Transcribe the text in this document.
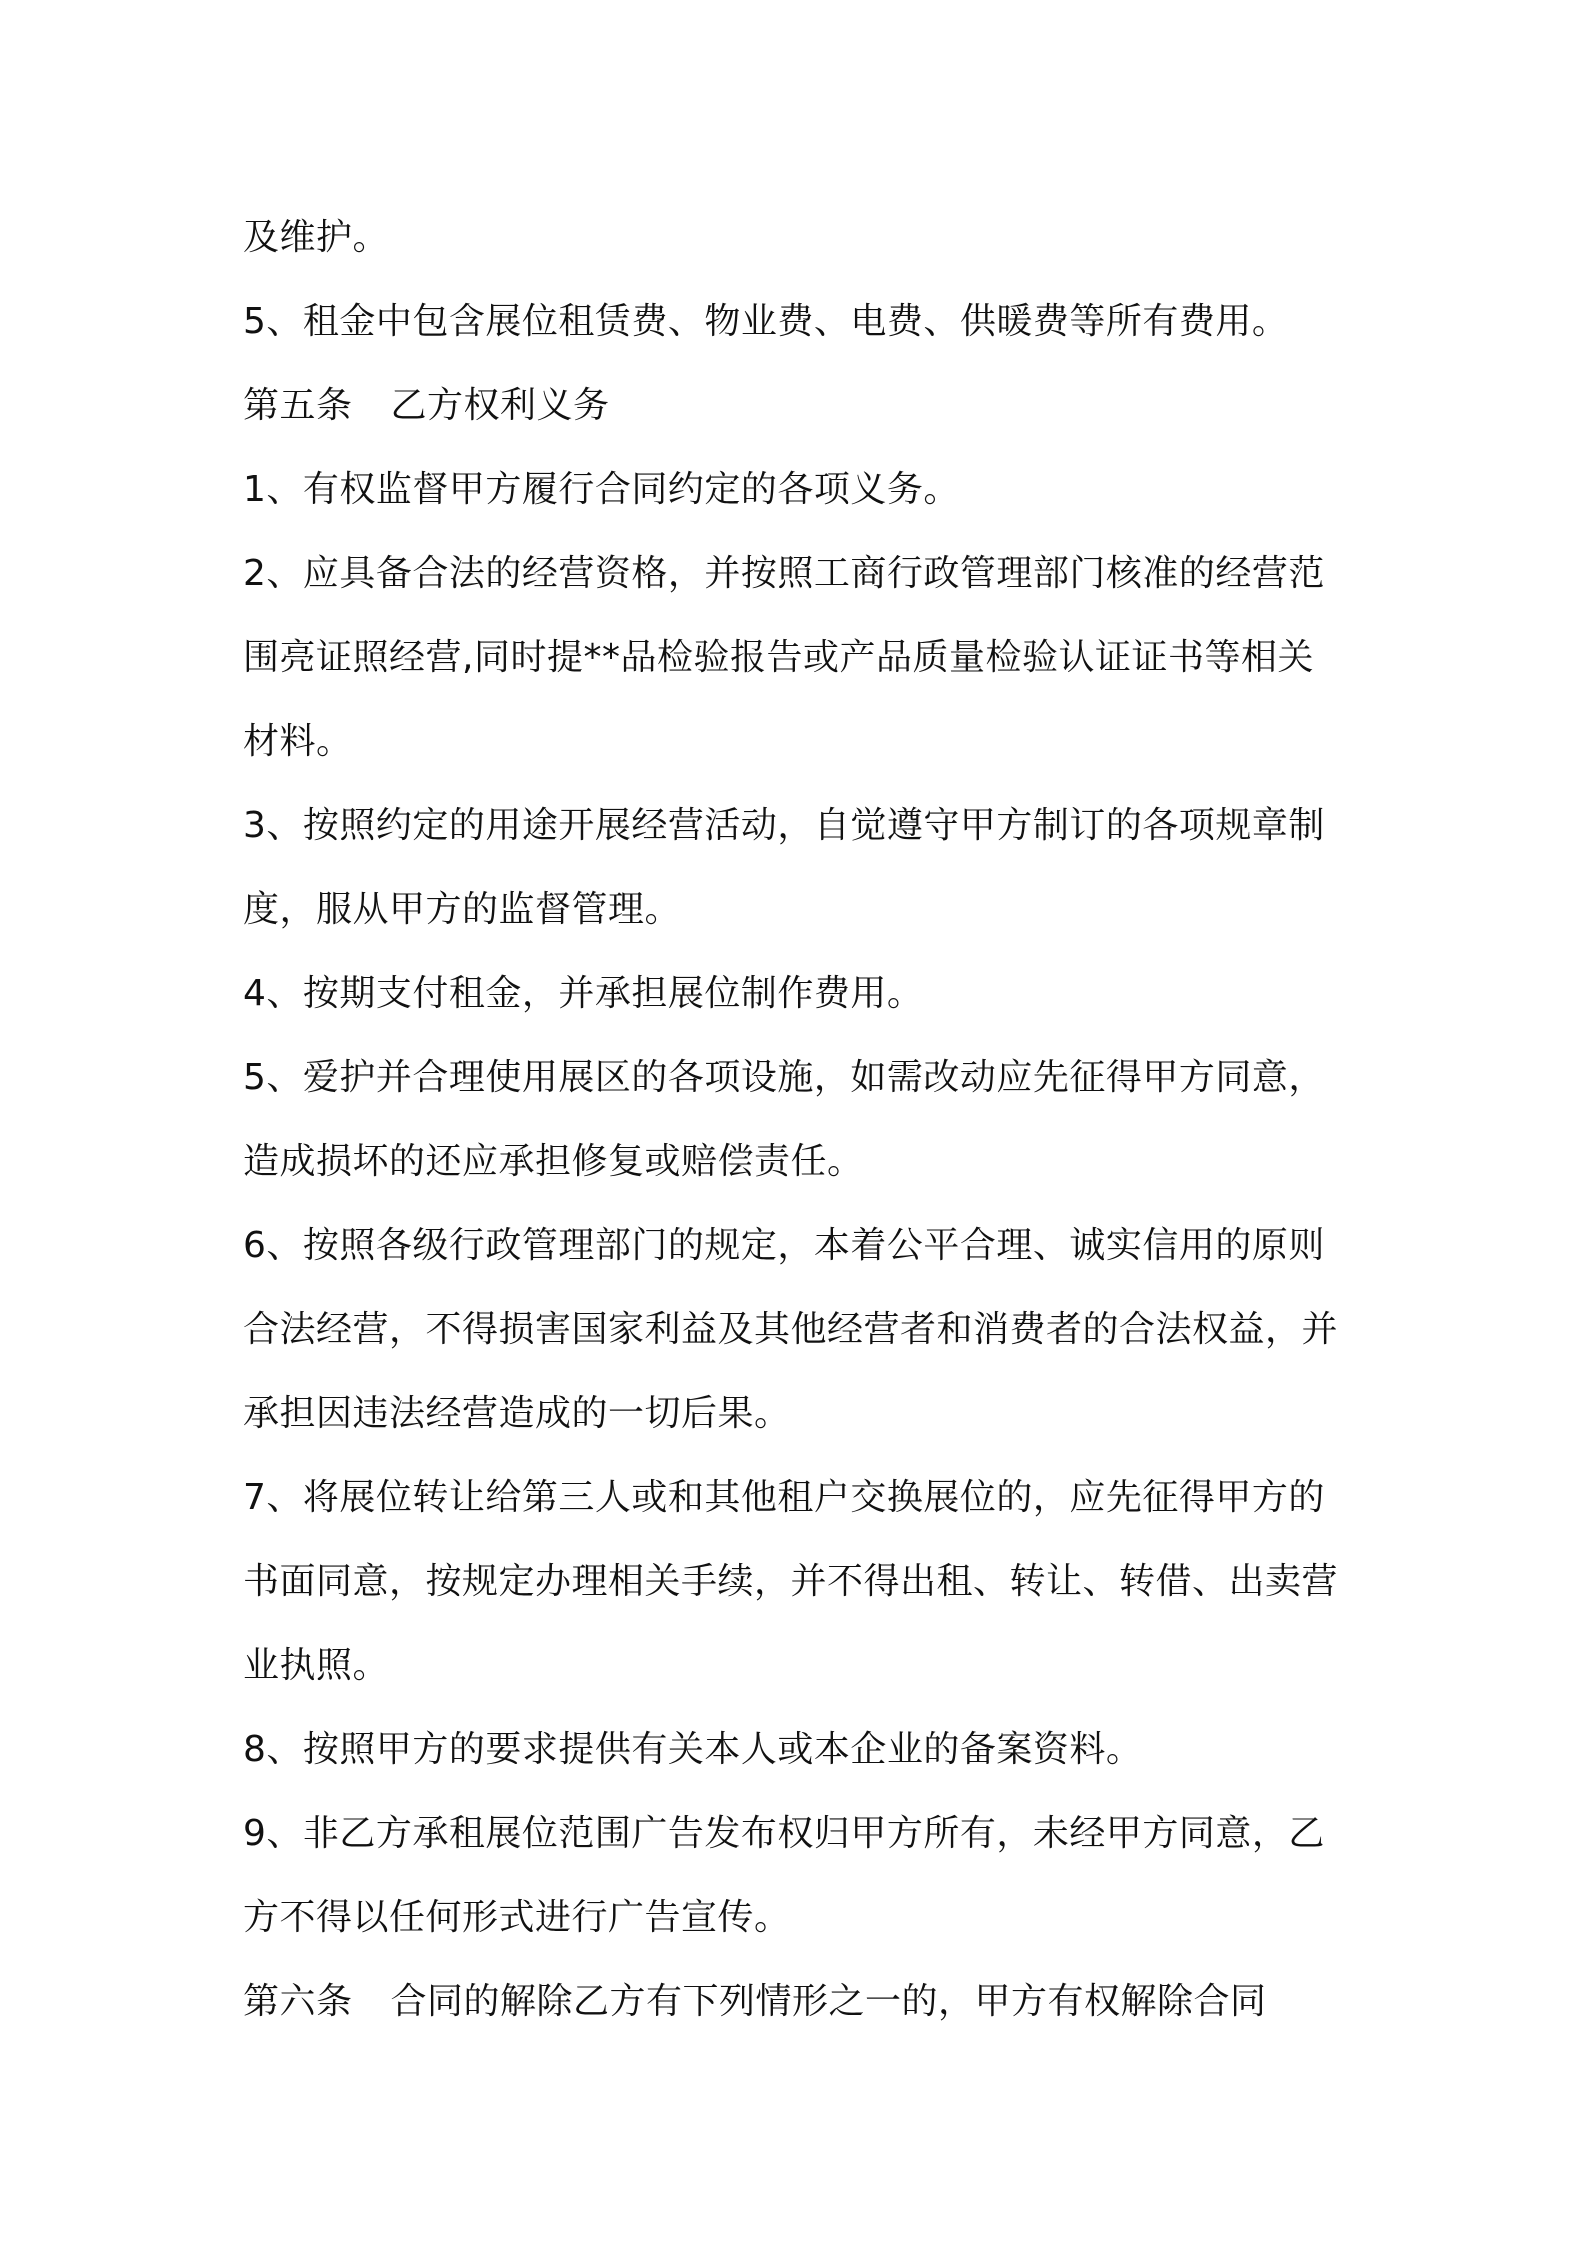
及维护。
5、租金中包含展位租赁费、物业费、电费、供暖费等所有费用。
第五条 乙方权利义务
1、有权监督甲方履行合同约定的各项义务。
2、应具备合法的经营资格，并按照工商行政管理部门核准的经营范
围亮证照经营,同时提**品检验报告或产品质量检验认证证书等相关
材料。
3、按照约定的用途开展经营活动，自觉遵守甲方制订的各项规章制
度，服从甲方的监督管理。
4、按期支付租金，并承担展位制作费用。
5、爱护并合理使用展区的各项设施，如需改动应先征得甲方同意，
造成损坏的还应承担修复或赔偿责任。
6、按照各级行政管理部门的规定，本着公平合理、诚实信用的原则
合法经营，不得损害国家利益及其他经营者和消费者的合法权益，并
承担因违法经营造成的一切后果。
7、将展位转让给第三人或和其他租户交换展位的，应先征得甲方的
书面同意，按规定办理相关手续，并不得出租、转让、转借、出卖营
业执照。
8、按照甲方的要求提供有关本人或本企业的备案资料。
9、非乙方承租展位范围广告发布权归甲方所有，未经甲方同意，乙
方不得以任何形式进行广告宣传。
第六条 合同的解除乙方有下列情形之一的，甲方有权解除合同
